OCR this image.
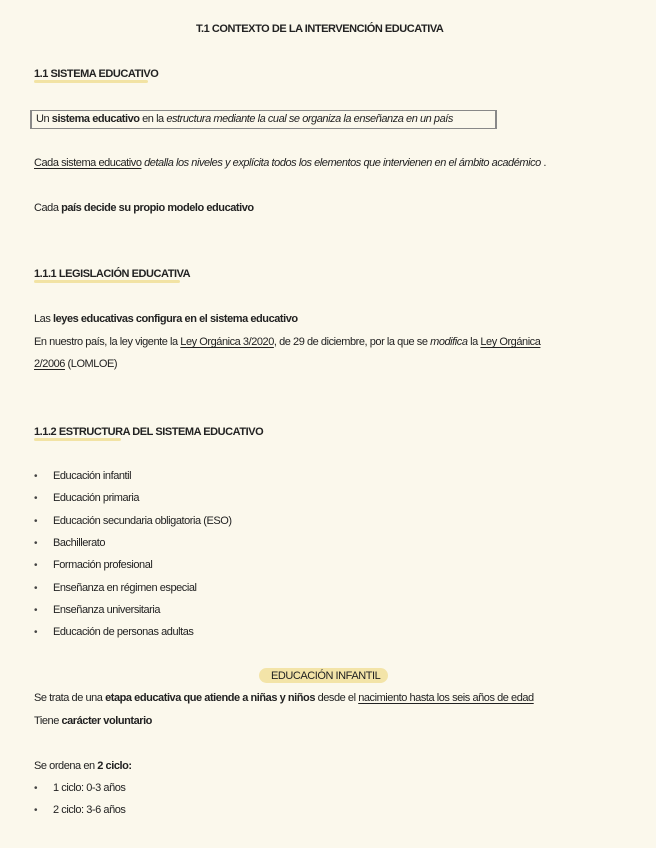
T.1 CONTEXTO DE LA INTERVENCIÓN EDUCATIVA
1.1 SISTEMA EDUCATIVO
Un sistema educativo en la estructura mediante la cual se organiza la enseñanza en un país
Cada sistema educativo detalla los niveles y explícita todos los elementos que intervienen en el ámbito académico .
Cada país decide su propio modelo educativo
1.1.1 LEGISLACIÓN EDUCATIVA
Las leyes educativas configura en el sistema educativo
En nuestro país, la ley vigente la Ley Orgánica 3/2020, de 29 de diciembre, por la que se modifica la Ley Orgánica
2/2006 (LOMLOE)
1.1.2 ESTRUCTURA DEL SISTEMA EDUCATIVO
• Educación infantil
• Educación primaria
• Educación secundaria obligatoria (ESO)
• Bachillerato
• Formación profesional
• Enseñanza en régimen especial
• Enseñanza universitaria
• Educación de personas adultas
EDUCACIÓN INFANTIL
Se trata de una etapa educativa que atiende a niñas y niños desde el nacimiento hasta los seis años de edad
Tiene carácter voluntario
Se ordena en 2 ciclo:
• 1 ciclo: 0-3 años
• 2 ciclo: 3-6 años
